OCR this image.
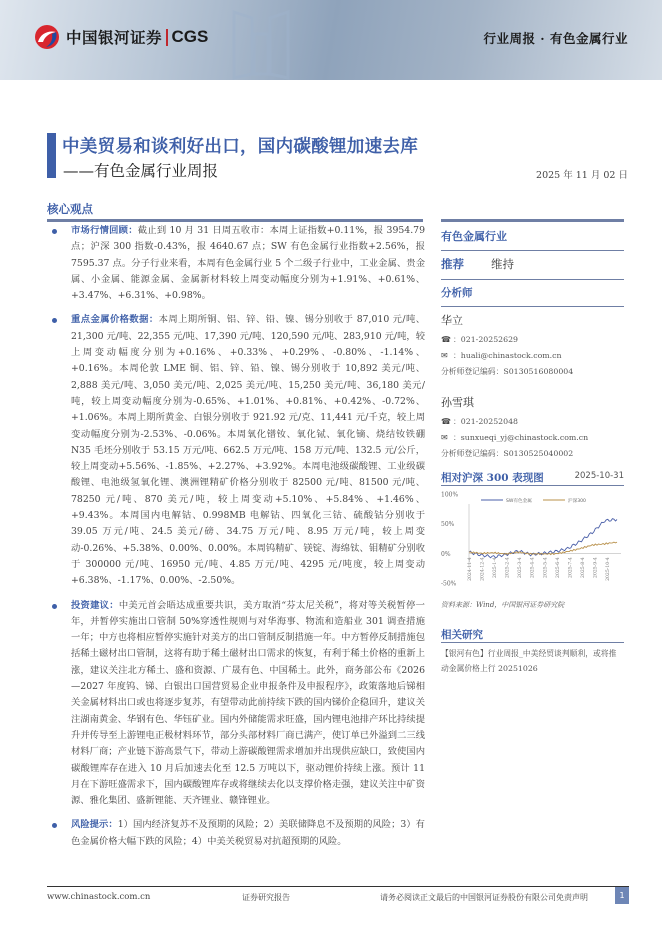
中国银河证券 CGS	行业周报 · 有色金属行业
中美贸易和谈利好出口，国内碳酸锂加速去库
——有色金属行业周报	2025 年 11 月 02 日
核心观点
市场行情回顾：截止到 10 月 31 日周五收市：本周上证指数+0.11%，报 3954.79 点；沪深 300 指数-0.43%，报 4640.67 点；SW 有色金属行业指数+2.56%，报 7595.37 点。分子行业来看，本周有色金属行业 5 个二级子行业中，工业金属、贵金属、小金属、能源金属、金属新材料较上周变动幅度分别为+1.91%、+0.61%、+3.47%、+6.31%、+0.98%。
重点金属价格数据：本周上期所铜、铝、锌、铅、镍、锡分别收于 87,010 元/吨、21,300 元/吨、22,355 元/吨、17,390 元/吨、120,590 元/吨、283,910 元/吨，较上周变动幅度分别为+0.16%、+0.33%、+0.29%、-0.80%、-1.14%、+0.16%。本周伦敦 LME 铜、铝、锌、铅、镍、锡分别收于 10,892 美元/吨、2,888 美元/吨、3,050 美元/吨、2,025 美元/吨、15,250 美元/吨、36,180 美元/吨，较上周变动幅度分别为-0.65%、+1.01%、+0.81%、+0.42%、-0.72%、+1.06%。本周上期所黄金、白银分别收于 921.92 元/克、11,441 元/千克，较上周变动幅度分别为-2.53%、-0.06%。本周氧化镨钕、氧化铽、氧化镝、烧结钕铁硼 N35 毛坯分别收于 53.15 万元/吨、662.5 万元/吨、158 万元/吨、132.5 元/公斤，较上周变动+5.56%、-1.85%、+2.27%、+3.92%。本周电池级碳酸锂、工业级碳酸锂、电池级氢氧化锂、澳洲锂精矿价格分别收于 82500 元/吨、81500 元/吨、78250 元/吨、870 美元/吨，较上周变动+5.10%、+5.84%、+1.46%、+9.43%。本周国内电解钴、0.998MB 电解钴、四氧化三钴、硫酸钴分别收于 39.05 万元/吨、24.5 美元/磅、34.75 万元/吨、8.95 万元/吨，较上周变动-0.26%、+5.38%、0.00%、0.00%。本周钨精矿、镁锭、海绵钛、钼精矿分别收于 300000 元/吨、16950 元/吨、4.85 万元/吨、4295 元/吨度，较上周变动+6.38%、-1.17%、0.00%、-2.50%。
投资建议：中美元首会晤达成重要共识，美方取消“芬太尼关税”，将对等关税暂停一年，并暂停实施出口管制 50%穿透性规则与对华海事、物流和造船业 301 调查措施一年；中方也将相应暂停实施针对美方的出口管制反制措施一年。中方暂停反制措施包括稀土磁材出口管制，这将有助于稀土磁材出口需求的恢复，有利于稀土价格的重新上涨，建议关注北方稀土、盛和资源、广晟有色、中国稀土。此外，商务部公布《2026—2027 年度钨、锑、白银出口国营贸易企业申报条件及申报程序》，政策落地后锑相关金属材料出口或也将逐步复苏，有望带动此前持续下跌的国内锑价企稳回升，建议关注湖南黄金、华钢有色、华钰矿业。国内外储能需求旺盛，国内锂电池排产环比持续提升并传导至上游锂电正极材料环节，部分头部材料厂商已满产，使订单已外溢到二三线材料厂商；产业链下游高景气下，带动上游碳酸锂需求增加并出现供应缺口，致使国内碳酸锂库存在进入 10 月后加速去化至 12.5 万吨以下，驱动锂价持续上涨。预计 11 月在下游旺盛需求下，国内碳酸锂库存或将继续去化以支撑价格走强，建议关注中矿资源、雅化集团、盛新锂能、天齐锂业、赣锋锂业。
风险提示：1）国内经济复苏不及预期的风险；2）美联储降息不及预期的风险；3）有色金属价格大幅下跌的风险；4）中美关税贸易对抗超预期的风险。
有色金属行业
推荐	维持
分析师
华立
☎ ：021-20252629
✉ ：huali@chinastock.com.cn
分析师登记编码：S0130516080004
孙雪琪
☎ ：021-20252048
✉ ：sunxueqi_yj@chinastock.com.cn
分析师登记编码：S0130525040002
相对沪深 300 表现图	2025-10-31
100%
50%
0%
-50%
2024-11-4 2024-12-4 2025-1-4 2025-2-4 2025-3-4 2025-4-4 2025-5-4 2025-6-4 2025-7-4 2025-8-4 2025-9-4 2025-10-4
SW有色金属	沪深300
资料来源：Wind，中国银河证券研究院
相关研究
【银河有色】行业周报_中美经贸谈判顺利，或将推动金属价格上行 20251026
www.chinastock.com.cn	证券研究报告	请务必阅读正文最后的中国银河证券股份有限公司免责声明	1
